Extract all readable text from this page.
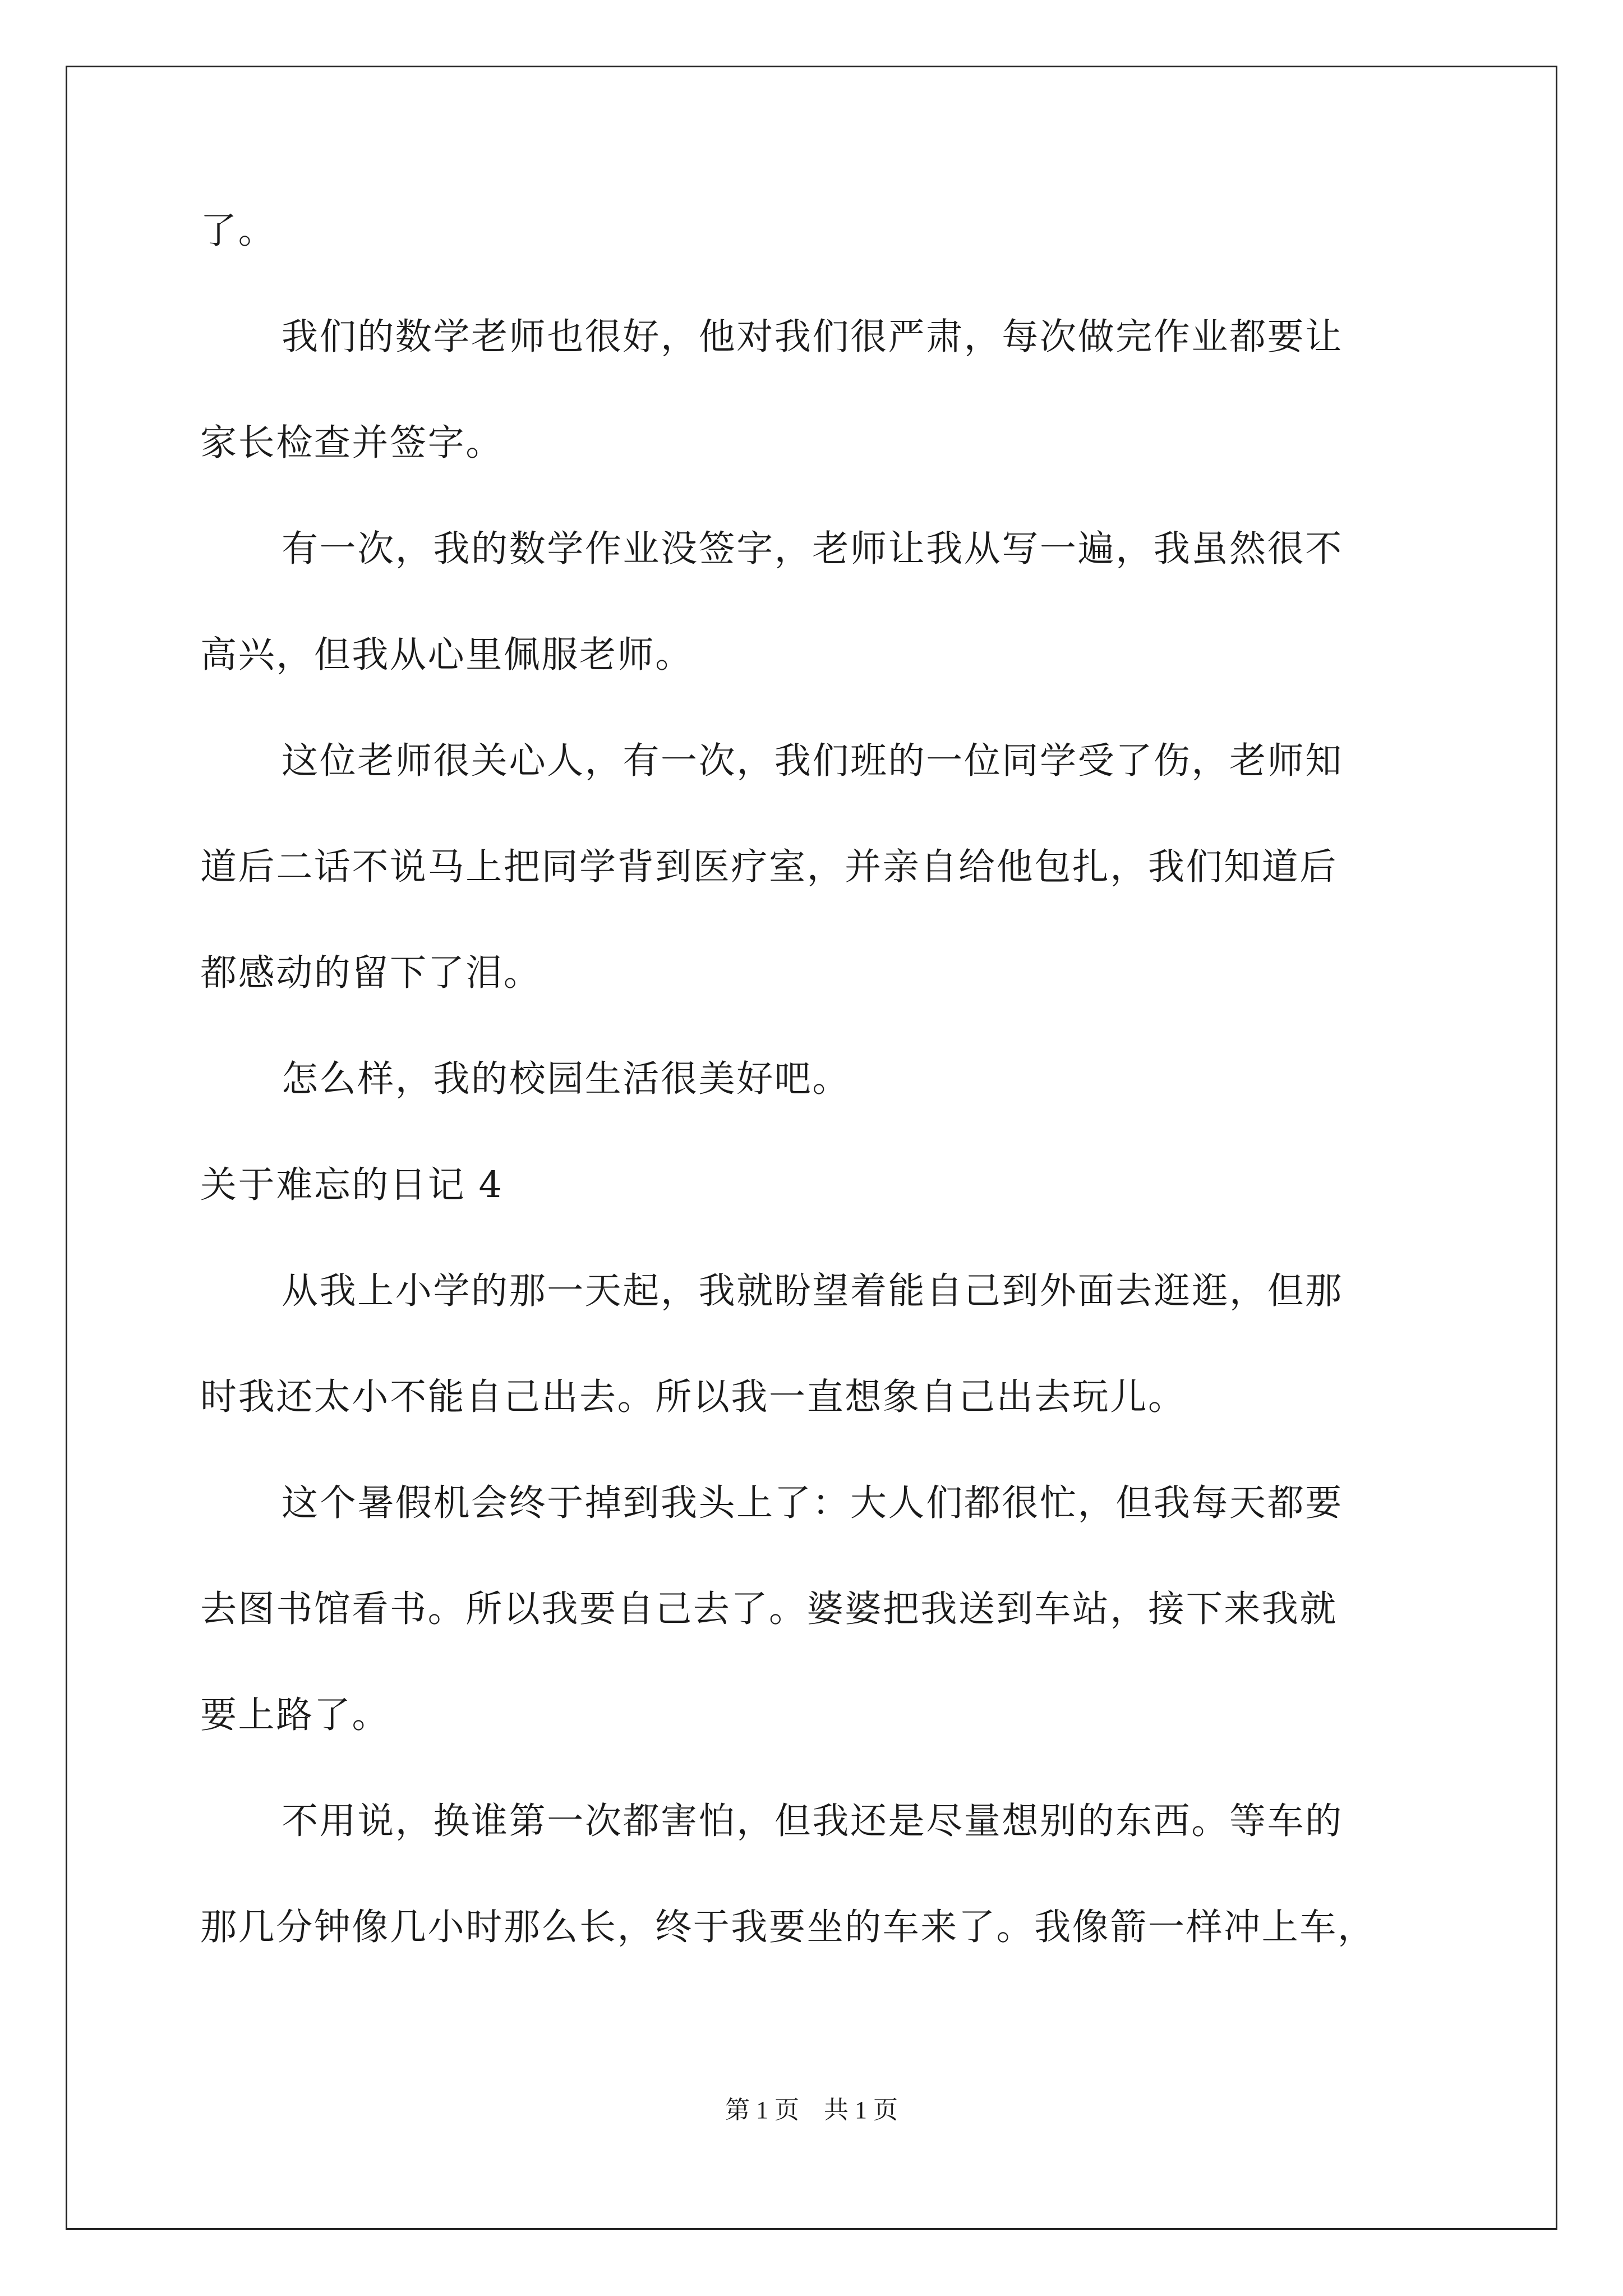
了。
我们的数学老师也很好，他对我们很严肃，每次做完作业都要让
家长检查并签字。
有一次，我的数学作业没签字，老师让我从写一遍，我虽然很不
高兴，但我从心里佩服老师。
这位老师很关心人，有一次，我们班的一位同学受了伤，老师知
道后二话不说马上把同学背到医疗室，并亲自给他包扎，我们知道后
都感动的留下了泪。
怎么样，我的校园生活很美好吧。
关于难忘的日记 4
从我上小学的那一天起，我就盼望着能自己到外面去逛逛，但那
时我还太小不能自己出去。所以我一直想象自己出去玩儿。
这个暑假机会终于掉到我头上了：大人们都很忙，但我每天都要
去图书馆看书。所以我要自己去了。婆婆把我送到车站，接下来我就
要上路了。
不用说，换谁第一次都害怕，但我还是尽量想别的东西。等车的
那几分钟像几小时那么长，终于我要坐的车来了。我像箭一样冲上车，
第 1 页 共 1 页
